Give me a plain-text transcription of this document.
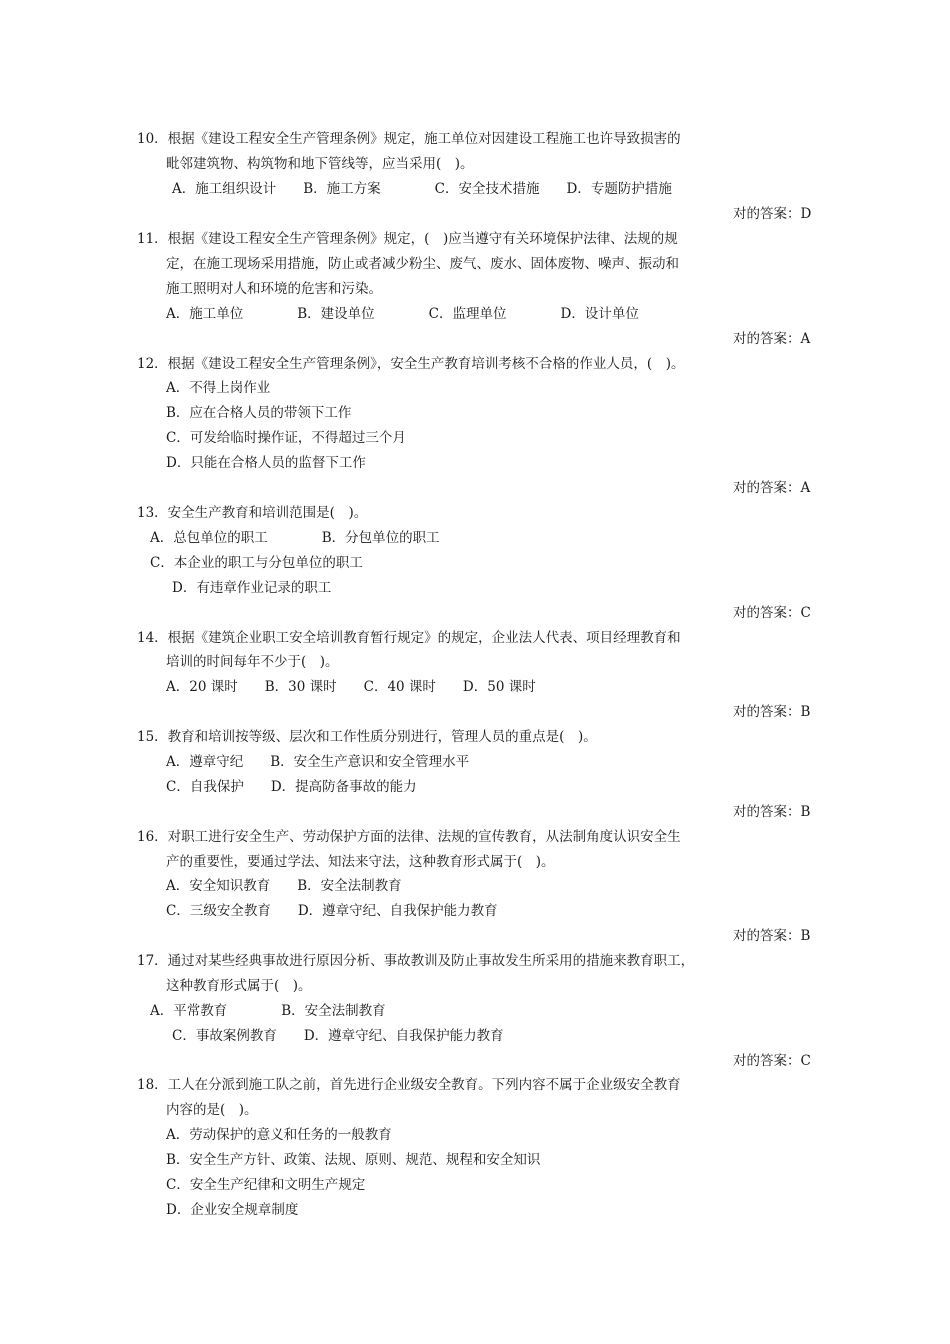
10．根据《建设工程安全生产管理条例》规定，施工单位对因建设工程施工也许导致损害的
毗邻建筑物、构筑物和地下管线等，应当采用(　)。
A．施工组织设计　　B．施工方案　　　　C．安全技术措施　　D．专题防护措施
对的答案：D
11．根据《建设工程安全生产管理条例》规定，(　)应当遵守有关环境保护法律、法规的规
定，在施工现场采用措施，防止或者减少粉尘、废气、废水、固体废物、噪声、振动和
施工照明对人和环境的危害和污染。
A．施工单位　　　　B．建设单位　　　　C．监理单位　　　　D．设计单位
对的答案：A
12．根据《建设工程安全生产管理条例》，安全生产教育培训考核不合格的作业人员，(　)。
A．不得上岗作业
B．应在合格人员的带领下工作
C．可发给临时操作证，不得超过三个月
D．只能在合格人员的监督下工作
对的答案：A
13．安全生产教育和培训范围是(　)。
A．总包单位的职工　　　　B．分包单位的职工
C．本企业的职工与分包单位的职工
D．有违章作业记录的职工
对的答案：C
14．根据《建筑企业职工安全培训教育暂行规定》的规定，企业法人代表、项目经理教育和
培训的时间每年不少于(　)。
A．20 课时　　B．30 课时　　C．40 课时　　D．50 课时
对的答案：B
15．教育和培训按等级、层次和工作性质分别进行，管理人员的重点是(　)。
A．遵章守纪　　B．安全生产意识和安全管理水平
C．自我保护　　D．提高防备事故的能力
对的答案：B
16．对职工进行安全生产、劳动保护方面的法律、法规的宣传教育，从法制角度认识安全生
产的重要性，要通过学法、知法来守法，这种教育形式属于(　)。
A．安全知识教育　　B．安全法制教育
C．三级安全教育　　D．遵章守纪、自我保护能力教育
对的答案：B
17．通过对某些经典事故进行原因分析、事故教训及防止事故发生所采用的措施来教育职工，
这种教育形式属于(　)。
A．平常教育　　　　B．安全法制教育
C．事故案例教育　　D．遵章守纪、自我保护能力教育
对的答案：C
18．工人在分派到施工队之前，首先进行企业级安全教育。下列内容不属于企业级安全教育
内容的是(　)。
A．劳动保护的意义和任务的一般教育
B．安全生产方针、政策、法规、原则、规范、规程和安全知识
C．安全生产纪律和文明生产规定
D．企业安全规章制度
